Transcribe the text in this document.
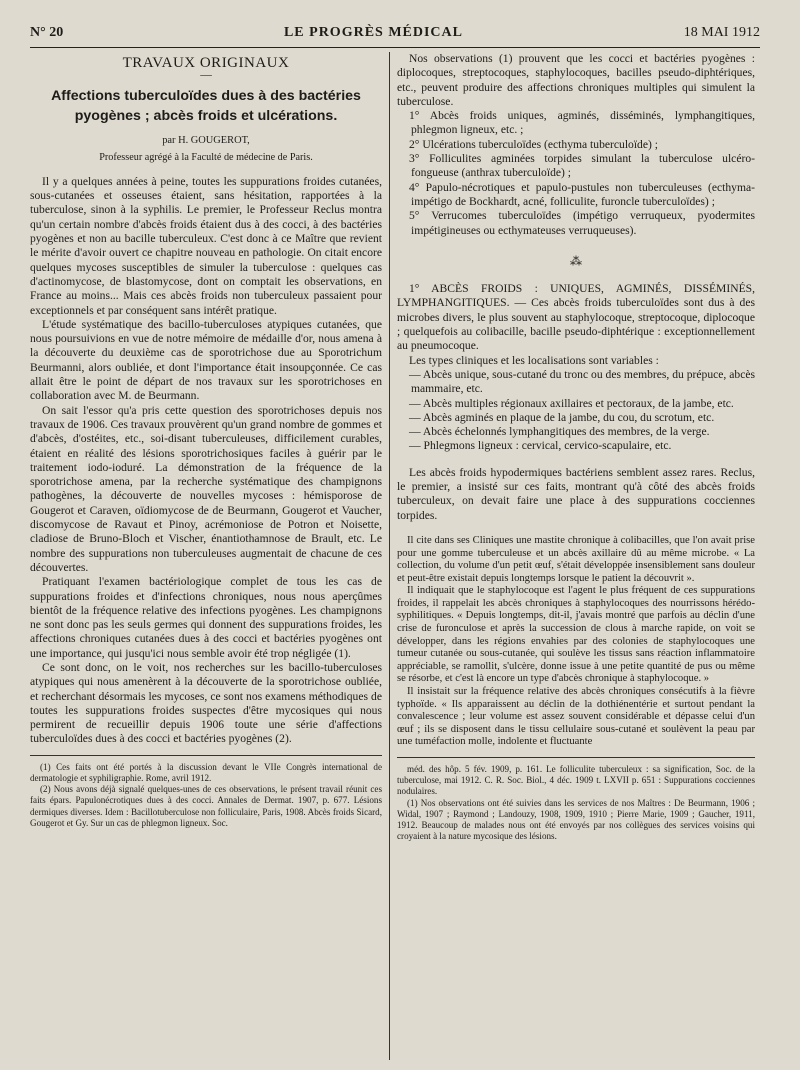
N° 20	LE PROGRÈS MÉDICAL	18 MAI 1912

TRAVAUX ORIGINAUX

—

Affections tuberculoïdes dues à des bactéries pyogènes ; abcès froids et ulcérations.

par H. GOUGEROT,

Professeur agrégé à la Faculté de médecine de Paris.

Il y a quelques années à peine, toutes les suppurations froides cutanées, sous-cutanées et osseuses étaient, sans hésitation, rapportées à la tuberculose, sinon à la syphilis. Le premier, le Professeur Reclus montra qu'un certain nombre d'abcès froids étaient dus à des cocci, à des bactéries pyogènes et non au bacille tuberculeux. C'est donc à ce Maître que revient le mérite d'avoir ouvert ce chapitre nouveau en pathologie. On citait encore quelques mycoses susceptibles de simuler la tuberculose : quelques cas d'actinomycose, de blastomycose, dont on comptait les observations, en France au moins... Mais ces abcès froids non tuberculeux passaient pour exceptionnels et par conséquent sans intérêt pratique.

L'étude systématique des bacillo-tuberculoses atypiques cutanées, que nous poursuivions en vue de notre mémoire de médaille d'or, nous amena à la découverte du deuxième cas de sporotrichose due au Sporotrichum Beurmanni, alors oubliée, et dont l'importance était insoupçonnée. Ce cas allait être le point de départ de nos travaux sur les sporotrichoses en collaboration avec M. de Beurmann.

On sait l'essor qu'a pris cette question des sporotrichoses depuis nos travaux de 1906. Ces travaux prouvèrent qu'un grand nombre de gommes et d'abcès, d'ostéites, etc., soi-disant tuberculeuses, difficilement curables, étaient en réalité des lésions sporotrichosiques faciles à guérir par le traitement iodo-ioduré. La démonstration de la fréquence de la sporotrichose amena, par la recherche systématique des champignons pathogènes, la découverte de nouvelles mycoses : hémisporose de Gougerot et Caraven, oïdiomycose de de Beurmann, Gougerot et Vaucher, discomycose de Ravaut et Pinoy, acrémoniose de Potron et Noisette, cladiose de Bruno-Bloch et Vischer, énantiothamnose de Brault, etc. Le nombre des suppurations non tuberculeuses augmentait de chacune de ces découvertes.

Pratiquant l'examen bactériologique complet de tous les cas de suppurations froides et d'infections chroniques, nous nous aperçûmes bientôt de la fréquence relative des infections pyogènes. Les champignons ne sont donc pas les seuls germes qui donnent des suppurations froides, les affections chroniques cutanées dues à des cocci et bactéries pyogènes ont une importance, qui jusqu'ici nous semble avoir été trop négligée (1).

Ce sont donc, on le voit, nos recherches sur les bacillo-tuberculoses atypiques qui nous amenèrent à la découverte de la sporotrichose oubliée, et recherchant désormais les mycoses, ce sont nos examens méthodiques de toutes les suppurations froides suspectes d'être mycosiques qui nous permirent de recueillir depuis 1906 toute une série d'affections tuberculoïdes dues à des cocci et bactéries pyogènes (2).

(1) Ces faits ont été portés à la discussion devant le VIIe Congrès international de dermatologie et syphiligraphie. Rome, avril 1912.

(2) Nous avons déjà signalé quelques-unes de ces observations, le présent travail réunit ces faits épars. Papulonécrotiques dues à des cocci. Annales de Dermat. 1907, p. 677. Lésions dermiques diverses. Idem : Bacillotuberculose non folliculaire, Paris, 1908. Abcès froids Sicard, Gougerot et Gy. Sur un cas de phlegmon ligneux. Soc.

Nos observations (1) prouvent que les cocci et bactéries pyogènes : diplocoques, streptocoques, staphylocoques, bacilles pseudo-diphtériques, etc., peuvent produire des affections chroniques multiples qui simulent la tuberculose.

1° Abcès froids uniques, agminés, disséminés, lymphangitiques, phlegmon ligneux, etc. ;

2° Ulcérations tuberculoïdes (ecthyma tuberculoïde) ;

3° Folliculites agminées torpides simulant la tuberculose ulcéro-fongueuse (anthrax tuberculoïde) ;

4° Papulo-nécrotiques et papulo-pustules non tuberculeuses (ecthyma-impétigo de Bockhardt, acné, folliculite, furoncle tuberculoïdes) ;

5° Verrucomes tuberculoïdes (impétigo verruqueux, pyodermites impétigineuses ou ecthymateuses verruqueuses).

⁂

1° ABCÈS FROIDS : UNIQUES, AGMINÉS, DISSÉMINÉS, LYMPHANGITIQUES. — Ces abcès froids tuberculoïdes sont dus à des microbes divers, le plus souvent au staphylocoque, streptocoque, diplocoque ; quelquefois au colibacille, bacille pseudo-diphtérique : exceptionnellement au pneumocoque.

Les types cliniques et les localisations sont variables :

— Abcès unique, sous-cutané du tronc ou des membres, du prépuce, abcès mammaire, etc.

— Abcès multiples régionaux axillaires et pectoraux, de la jambe, etc.

— Abcès agminés en plaque de la jambe, du cou, du scrotum, etc.

— Abcès échelonnés lymphangitiques des membres, de la verge.

— Phlegmons ligneux : cervical, cervico-scapulaire, etc.

Les abcès froids hypodermiques bactériens semblent assez rares. Reclus, le premier, a insisté sur ces faits, montrant qu'à côté des abcès froids tuberculeux, on devait faire une place à des suppurations cocciennes torpides.

Il cite dans ses Cliniques une mastite chronique à colibacilles, que l'on avait prise pour une gomme tuberculeuse et un abcès axillaire dû au même microbe. « La collection, du volume d'un petit œuf, s'était développée insensiblement sans douleur et peut-être existait depuis longtemps lorsque le patient la découvrit ».

Il indiquait que le staphylocoque est l'agent le plus fréquent de ces suppurations froides, il rappelait les abcès chroniques à staphylocoques des nourrissons hérédo-syphilitiques. « Depuis longtemps, dit-il, j'avais montré que parfois au déclin d'une crise de furonculose et après la succession de clous à marche rapide, on voit se développer, dans les régions envahies par des colonies de staphylocoques une tumeur cutanée ou sous-cutanée, qui soulève les tissus sans réaction inflammatoire appréciable, se ramollit, s'ulcère, donne issue à une petite quantité de pus ou même se résorbe, et c'est là encore un type d'abcès chronique à staphylocoque. »

Il insistait sur la fréquence relative des abcès chroniques consécutifs à la fièvre typhoïde. « Ils apparaissent au déclin de la dothiénentérie et surtout pendant la convalescence ; leur volume est assez souvent considérable et dépasse celui d'un œuf ; ils se disposent dans le tissu cellulaire sous-cutané et soulèvent la peau par une tuméfaction molle, indolente et fluctuante

méd. des hôp. 5 fév. 1909, p. 161. Le folliculite tuberculeux : sa signification, Soc. de la tuberculose, mai 1912. C. R. Soc. Biol., 4 déc. 1909 t. LXVII p. 651 : Suppurations cocciennes nodulaires.

(1) Nos observations ont été suivies dans les services de nos Maîtres : De Beurmann, 1906 ; Widal, 1907 ; Raymond ; Landouzy, 1908, 1909, 1910 ; Pierre Marie, 1909 ; Gaucher, 1911, 1912. Beaucoup de malades nous ont été envoyés par nos collègues des services voisins qui croyaient à la nature mycosique des lésions.
